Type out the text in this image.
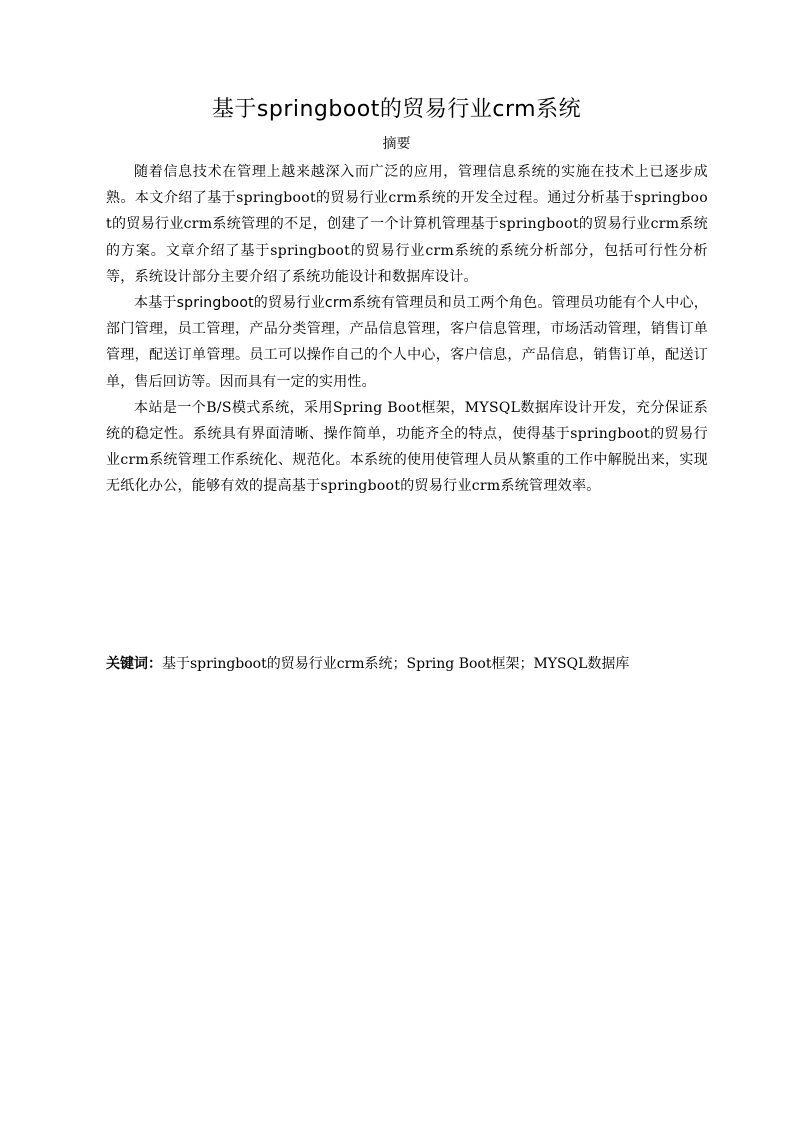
基于springboot的贸易行业crm系统
摘要

随着信息技术在管理上越来越深入而广泛的应用，管理信息系统的实施在技术上已逐步成熟。本文介绍了基于springboot的贸易行业crm系统的开发全过程。通过分析基于springboot的贸易行业crm系统管理的不足，创建了一个计算机管理基于springboot的贸易行业crm系统的方案。文章介绍了基于springboot的贸易行业crm系统的系统分析部分，包括可行性分析等，系统设计部分主要介绍了系统功能设计和数据库设计。

本基于springboot的贸易行业crm系统有管理员和员工两个角色。管理员功能有个人中心，部门管理，员工管理，产品分类管理，产品信息管理，客户信息管理，市场活动管理，销售订单管理，配送订单管理。员工可以操作自己的个人中心，客户信息，产品信息，销售订单，配送订单，售后回访等。因而具有一定的实用性。

本站是一个B/S模式系统，采用Spring Boot框架，MYSQL数据库设计开发，充分保证系统的稳定性。系统具有界面清晰、操作简单，功能齐全的特点，使得基于springboot的贸易行业crm系统管理工作系统化、规范化。本系统的使用使管理人员从繁重的工作中解脱出来，实现无纸化办公，能够有效的提高基于springboot的贸易行业crm系统管理效率。

关键词：基于springboot的贸易行业crm系统；Spring Boot框架；MYSQL数据库
